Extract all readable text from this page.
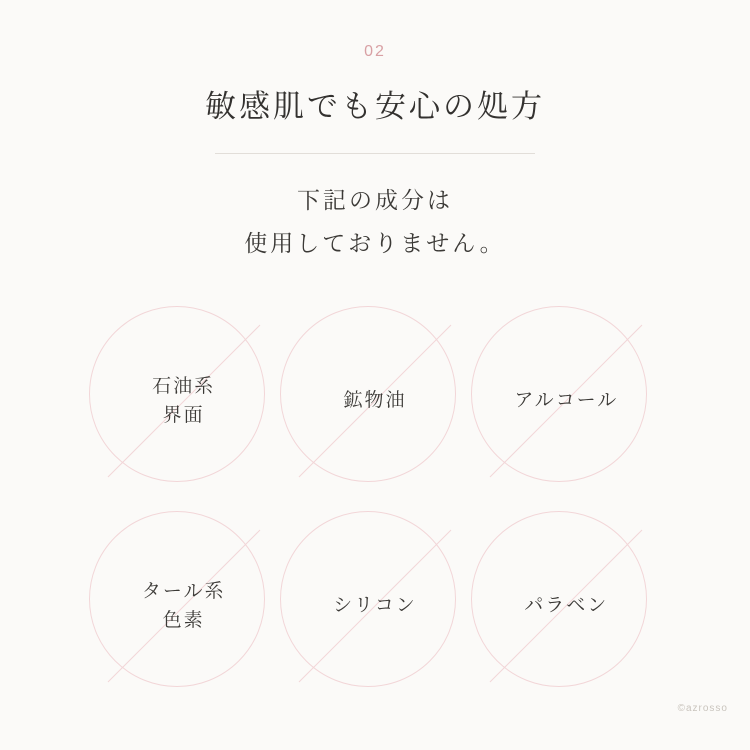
02
敏感肌でも安心の処方
下記の成分は
使用しておりません。
石油系
界面
鉱物油	アルコール
タール系
色素
シリコン	パラベン
©azrosso
